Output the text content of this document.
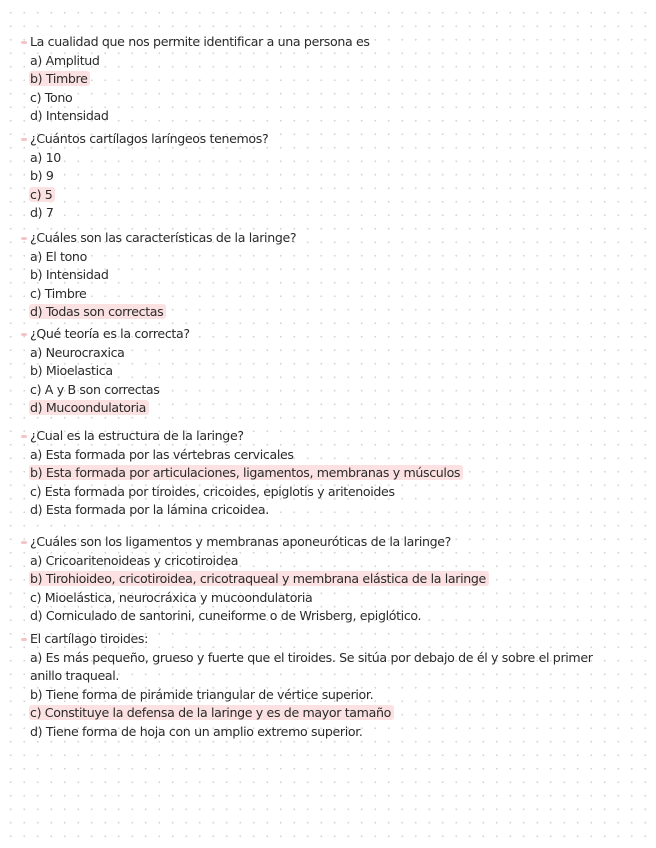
La cualidad que nos permite identificar a una persona es
a) Amplitud
b) Timbre
c) Tono
d) Intensidad
¿Cuántos cartílagos laríngeos tenemos?
a) 10
b) 9
c) 5
d) 7
¿Cuáles son las características de la laringe?
a) El tono
b) Intensidad
c) Timbre
d) Todas son correctas
¿Qué teoría es la correcta?
a) Neurocraxica
b) Mioelastica
c) A y B son correctas
d) Mucoondulatoria
¿Cual es la estructura de la laringe?
a) Esta formada por las vértebras cervicales
b) Esta formada por articulaciones, ligamentos, membranas y músculos
c) Esta formada por tiroides, cricoides, epiglotis y aritenoides
d) Esta formada por la lámina cricoidea.
¿Cuáles son los ligamentos y membranas aponeuróticas de la laringe?
a) Cricoaritenoideas y cricotiroidea
b) Tirohioideo, cricotiroidea, cricotraqueal y membrana elástica de la laringe
c) Mioelástica, neurocráxica y mucoondulatoria
d) Corniculado de santorini, cuneiforme o de Wrisberg, epiglótico.
El cartílago tiroides:
a) Es más pequeño, grueso y fuerte que el tiroides. Se sitúa por debajo de él y sobre el primer anillo traqueal.
b) Tiene forma de pirámide triangular de vértice superior.
c) Constituye la defensa de la laringe y es de mayor tamaño
d) Tiene forma de hoja con un amplio extremo superior.
